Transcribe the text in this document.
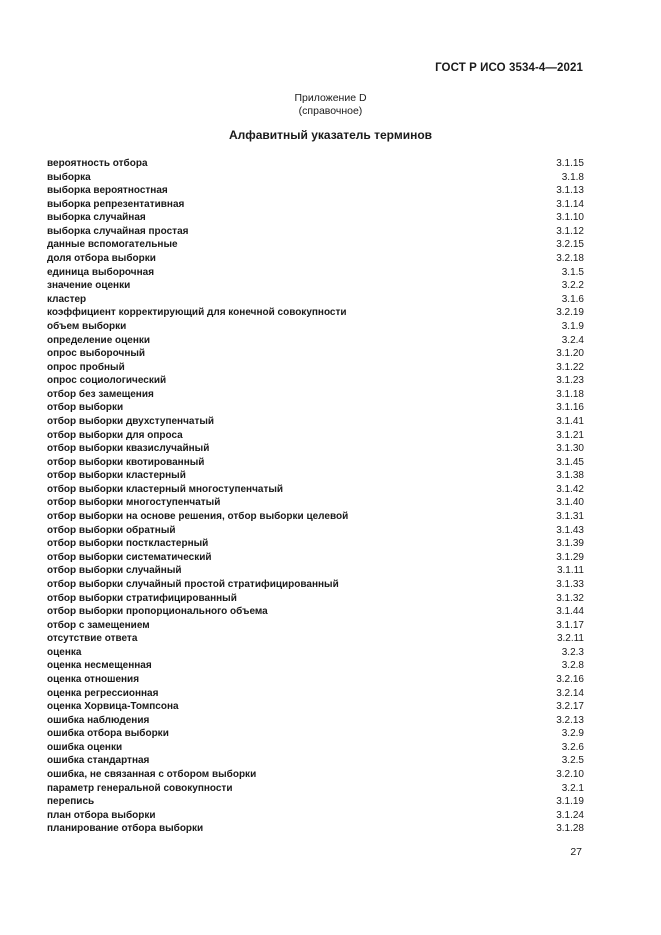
ГОСТ Р ИСО 3534-4—2021
Приложение D
(справочное)
Алфавитный указатель терминов
вероятность отбора	3.1.15
выборка	3.1.8
выборка вероятностная	3.1.13
выборка репрезентативная	3.1.14
выборка случайная	3.1.10
выборка случайная простая	3.1.12
данные вспомогательные	3.2.15
доля отбора выборки	3.2.18
единица выборочная	3.1.5
значение оценки	3.2.2
кластер	3.1.6
коэффициент корректирующий для конечной совокупности	3.2.19
объем выборки	3.1.9
определение оценки	3.2.4
опрос выборочный	3.1.20
опрос пробный	3.1.22
опрос социологический	3.1.23
отбор без замещения	3.1.18
отбор выборки	3.1.16
отбор выборки двухступенчатый	3.1.41
отбор выборки для опроса	3.1.21
отбор выборки квазислучайный	3.1.30
отбор выборки квотированный	3.1.45
отбор выборки кластерный	3.1.38
отбор выборки кластерный многоступенчатый	3.1.42
отбор выборки многоступенчатый	3.1.40
отбор выборки на основе решения, отбор выборки целевой	3.1.31
отбор выборки обратный	3.1.43
отбор выборки посткластерный	3.1.39
отбор выборки систематический	3.1.29
отбор выборки случайный	3.1.11
отбор выборки случайный простой стратифицированный	3.1.33
отбор выборки стратифицированный	3.1.32
отбор выборки пропорционального объема	3.1.44
отбор с замещением	3.1.17
отсутствие ответа	3.2.11
оценка	3.2.3
оценка несмещенная	3.2.8
оценка отношения	3.2.16
оценка регрессионная	3.2.14
оценка Хорвица-Томпсона	3.2.17
ошибка наблюдения	3.2.13
ошибка отбора выборки	3.2.9
ошибка оценки	3.2.6
ошибка стандартная	3.2.5
ошибка, не связанная с отбором выборки	3.2.10
параметр генеральной совокупности	3.2.1
перепись	3.1.19
план отбора выборки	3.1.24
планирование отбора выборки	3.1.28
27
